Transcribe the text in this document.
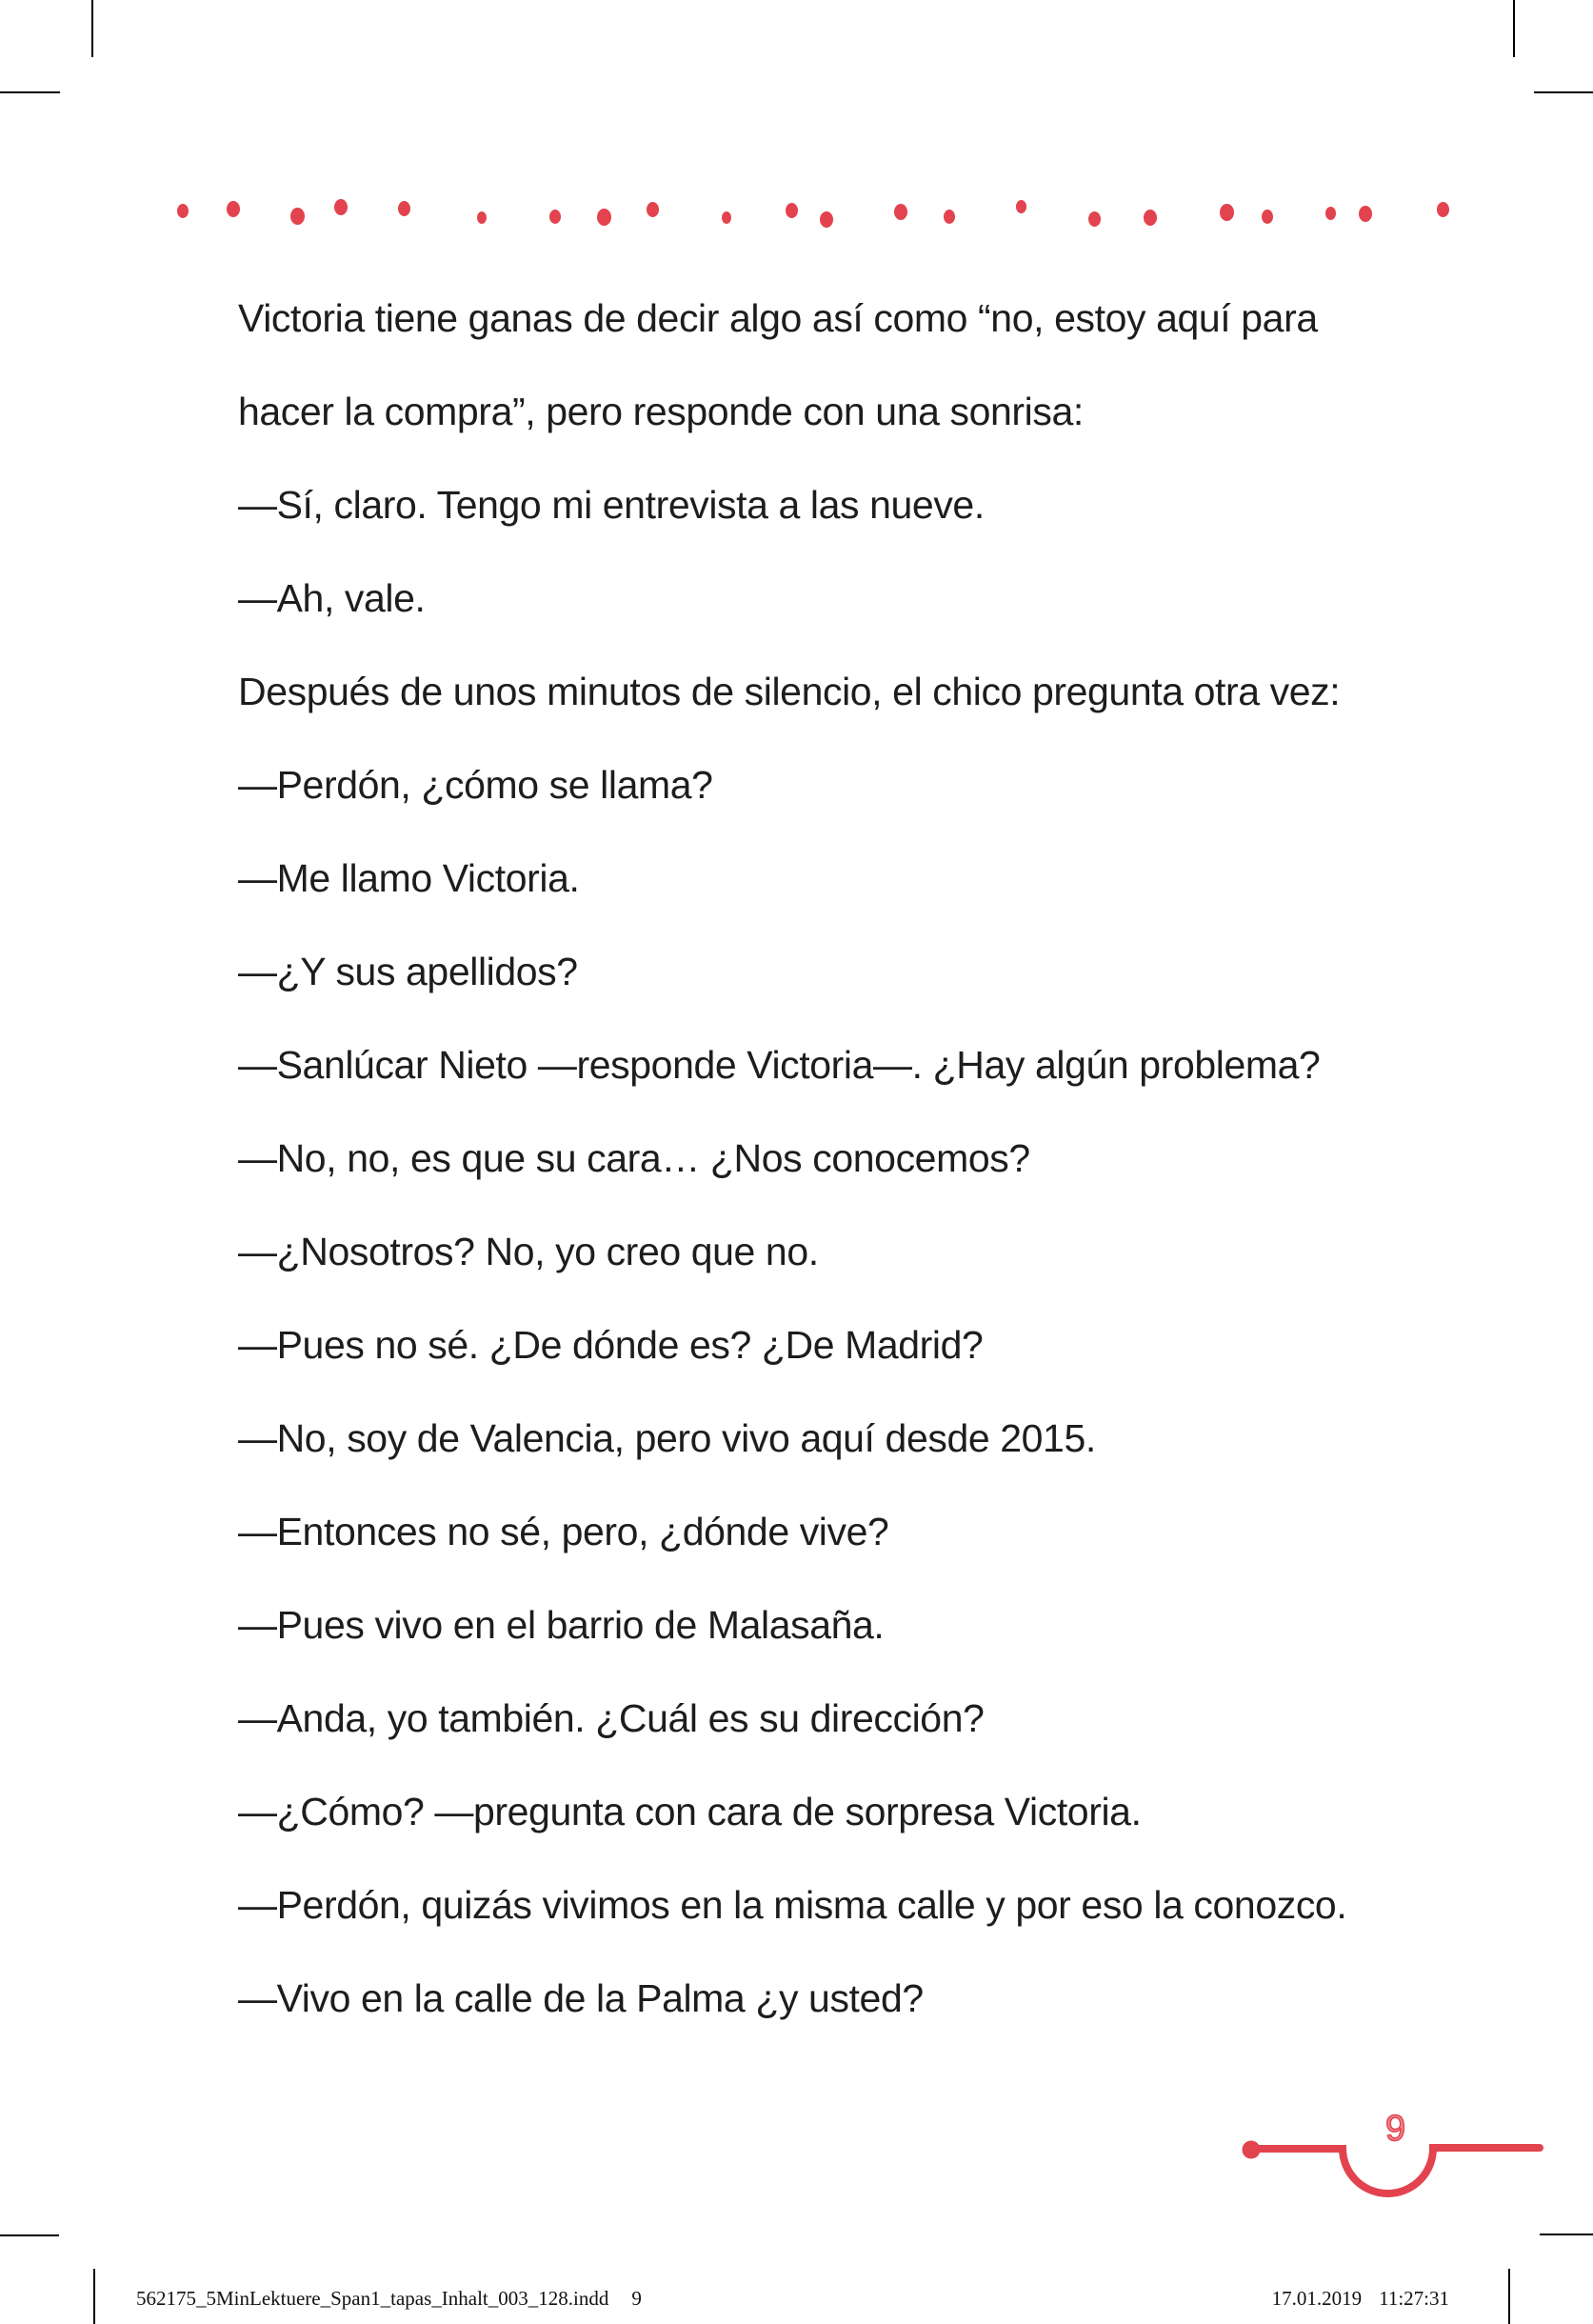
Victoria tiene ganas de decir algo así como “no, estoy aquí para
hacer la compra”, pero responde con una sonrisa:
—Sí, claro. Tengo mi entrevista a las nueve.
—Ah, vale.
Después de unos minutos de silencio, el chico pregunta otra vez:
—Perdón, ¿cómo se llama?
—Me llamo Victoria.
—¿Y sus apellidos?
—Sanlúcar Nieto —responde Victoria—. ¿Hay algún problema?
—No, no, es que su cara… ¿Nos conocemos?
—¿Nosotros? No, yo creo que no.
—Pues no sé. ¿De dónde es? ¿De Madrid?
—No, soy de Valencia, pero vivo aquí desde 2015.
—Entonces no sé, pero, ¿dónde vive?
—Pues vivo en el barrio de Malasaña.
—Anda, yo también. ¿Cuál es su dirección?
—¿Cómo? —pregunta con cara de sorpresa Victoria.
—Perdón, quizás vivimos en la misma calle y por eso la conozco.
—Vivo en la calle de la Palma ¿y usted?
9
562175_5MinLektuere_Span1_tapas_Inhalt_003_128.indd 9	17.01.2019 11:27:31
